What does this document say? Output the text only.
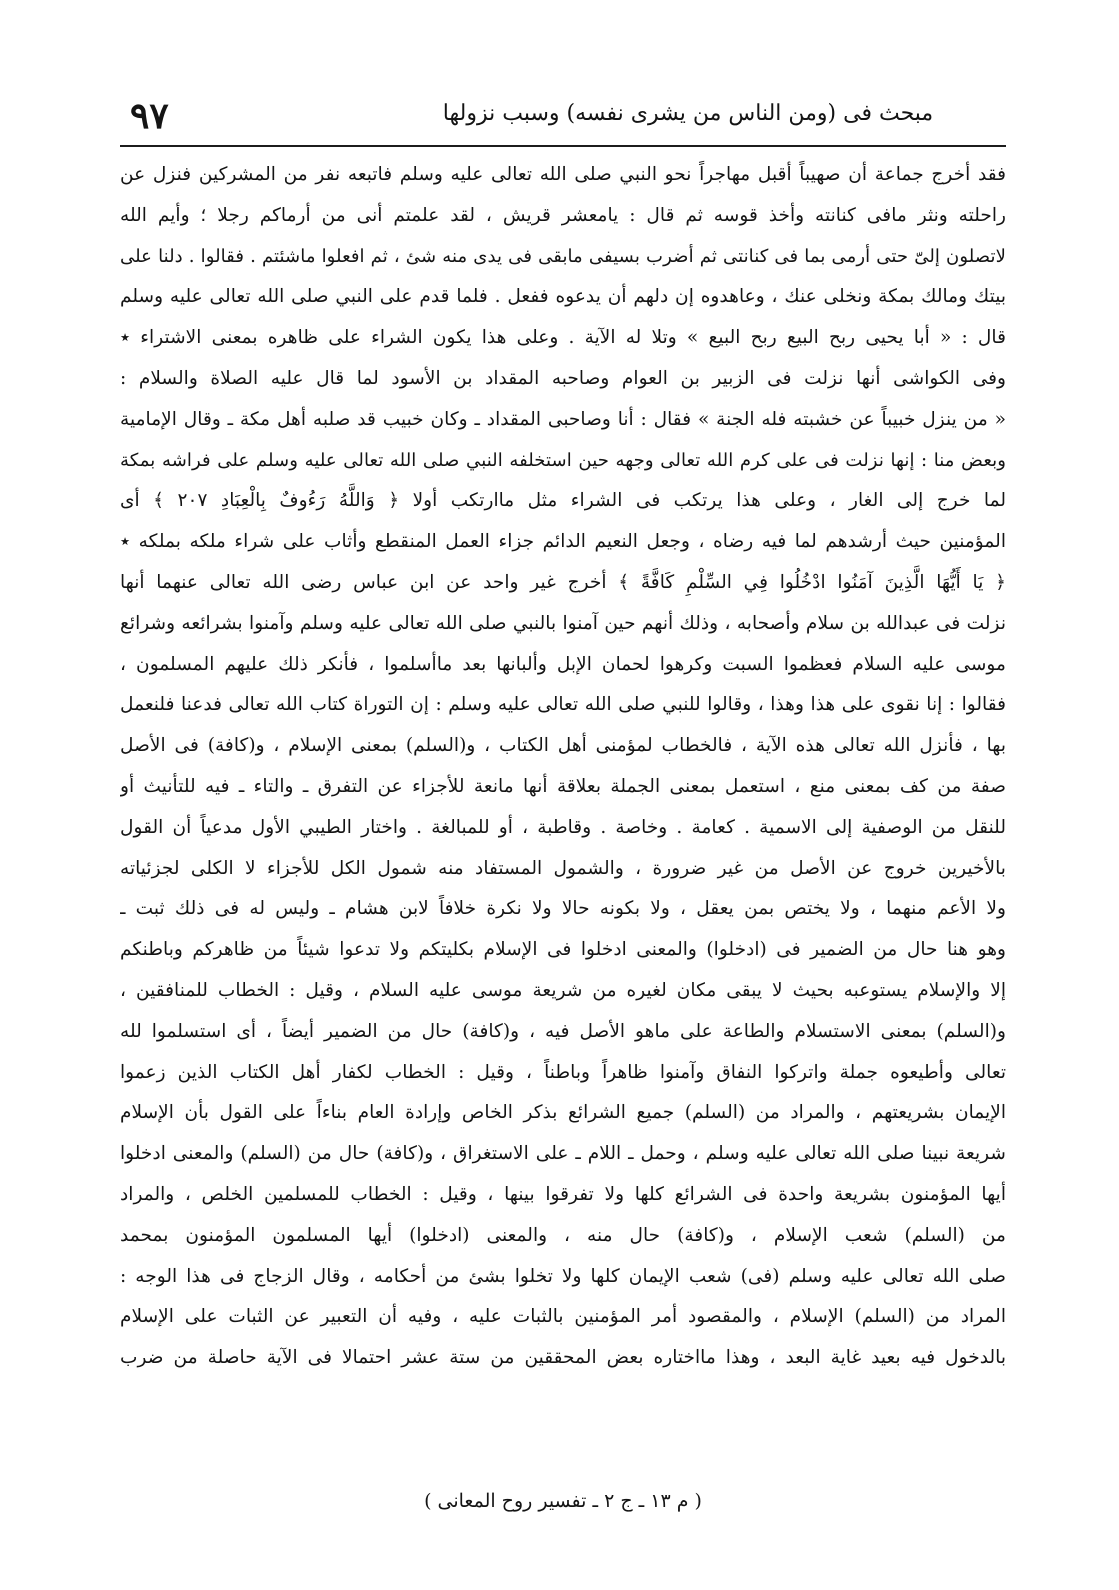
٩٧	مبحث فى (ومن الناس من يشرى نفسه) وسبب نزولها
فقد أخرج جماعة أن صهيباً أقبل مهاجراً نحو النبي صلى الله تعالى عليه وسلم فاتبعه نفر من المشركين فنزل عن
راحلته ونثر مافى كنانته وأخذ قوسه ثم قال : يامعشر قريش ، لقد علمتم أنى من أرماكم رجلا ؛ وأيم الله
لاتصلون إلىّ حتى أرمى بما فى كنانتى ثم أضرب بسيفى مابقى فى يدى منه شئ ، ثم افعلوا ماشئتم . فقالوا . دلنا على
بيتك ومالك بمكة ونخلى عنك ، وعاهدوه إن دلهم أن يدعوه ففعل . فلما قدم على النبي صلى الله تعالى عليه وسلم
قال : « أبا يحيى ربح البيع ربح البيع » وتلا له الآية . وعلى هذا يكون الشراء على ظاهره بمعنى الاشتراء ٭
وفى الكواشى أنها نزلت فى الزبير بن العوام وصاحبه المقداد بن الأسود لما قال عليه الصلاة والسلام :
« من ينزل خبيباً عن خشبته فله الجنة » فقال : أنا وصاحبى المقداد ـ وكان خبيب قد صلبه أهل مكة ـ وقال الإمامية
وبعض منا : إنها نزلت فى على كرم الله تعالى وجهه حين استخلفه النبي صلى الله تعالى عليه وسلم على فراشه بمكة
لما خرج إلى الغار ، وعلى هذا يرتكب فى الشراء مثل ماارتكب أولا ﴿ وَاللَّهُ رَءُوفٌ بِالْعِبَادِ ٢٠٧ ﴾ أى
المؤمنين حيث أرشدهم لما فيه رضاه ، وجعل النعيم الدائم جزاء العمل المنقطع وأثاب على شراء ملكه بملكه ٭
﴿ يَا أَيُّهَا الَّذِينَ آمَنُوا ادْخُلُوا فِي السِّلْمِ كَافَّةً ﴾ أخرج غير واحد عن ابن عباس رضى الله تعالى عنهما أنها
نزلت فى عبدالله بن سلام وأصحابه ، وذلك أنهم حين آمنوا بالنبي صلى الله تعالى عليه وسلم وآمنوا بشرائعه وشرائع
موسى عليه السلام فعظموا السبت وكرهوا لحمان الإبل وألبانها بعد ماأسلموا ، فأنكر ذلك عليهم المسلمون ،
فقالوا : إنا نقوى على هذا وهذا ، وقالوا للنبي صلى الله تعالى عليه وسلم : إن التوراة كتاب الله تعالى فدعنا فلنعمل
بها ، فأنزل الله تعالى هذه الآية ، فالخطاب لمؤمنى أهل الكتاب ، و(السلم) بمعنى الإسلام ، و(كافة) فى الأصل
صفة من كف بمعنى منع ، استعمل بمعنى الجملة بعلاقة أنها مانعة للأجزاء عن التفرق ـ والتاء ـ فيه للتأنيث أو
للنقل من الوصفية إلى الاسمية . كعامة . وخاصة . وقاطبة ، أو للمبالغة . واختار الطيبي الأول مدعياً أن القول
بالأخيرين خروج عن الأصل من غير ضرورة ، والشمول المستفاد منه شمول الكل للأجزاء لا الكلى لجزئياته
ولا الأعم منهما ، ولا يختص بمن يعقل ، ولا بكونه حالا ولا نكرة خلافاً لابن هشام ـ وليس له فى ذلك ثبت ـ
وهو هنا حال من الضمير فى (ادخلوا) والمعنى ادخلوا فى الإسلام بكليتكم ولا تدعوا شيئاً من ظاهركم وباطنكم
إلا والإسلام يستوعبه بحيث لا يبقى مكان لغيره من شريعة موسى عليه السلام ، وقيل : الخطاب للمنافقين ،
و(السلم) بمعنى الاستسلام والطاعة على ماهو الأصل فيه ، و(كافة) حال من الضمير أيضاً ، أى استسلموا لله
تعالى وأطيعوه جملة واتركوا النفاق وآمنوا ظاهراً وباطناً ، وقيل : الخطاب لكفار أهل الكتاب الذين زعموا
الإيمان بشريعتهم ، والمراد من (السلم) جميع الشرائع بذكر الخاص وإرادة العام بناءاً على القول بأن الإسلام
شريعة نبينا صلى الله تعالى عليه وسلم ، وحمل ـ اللام ـ على الاستغراق ، و(كافة) حال من (السلم) والمعنى ادخلوا
أيها المؤمنون بشريعة واحدة فى الشرائع كلها ولا تفرقوا بينها ، وقيل : الخطاب للمسلمين الخلص ، والمراد
من (السلم) شعب الإسلام ، و(كافة) حال منه ، والمعنى (ادخلوا) أيها المسلمون المؤمنون بمحمد
صلى الله تعالى عليه وسلم (فى) شعب الإيمان كلها ولا تخلوا بشئ من أحكامه ، وقال الزجاج فى هذا الوجه :
المراد من (السلم) الإسلام ، والمقصود أمر المؤمنين بالثبات عليه ، وفيه أن التعبير عن الثبات على الإسلام
بالدخول فيه بعيد غاية البعد ، وهذا مااختاره بعض المحققين من ستة عشر احتمالا فى الآية حاصلة من ضرب
( م ١٣ ـ ج ٢ ـ تفسير روح المعانى )
